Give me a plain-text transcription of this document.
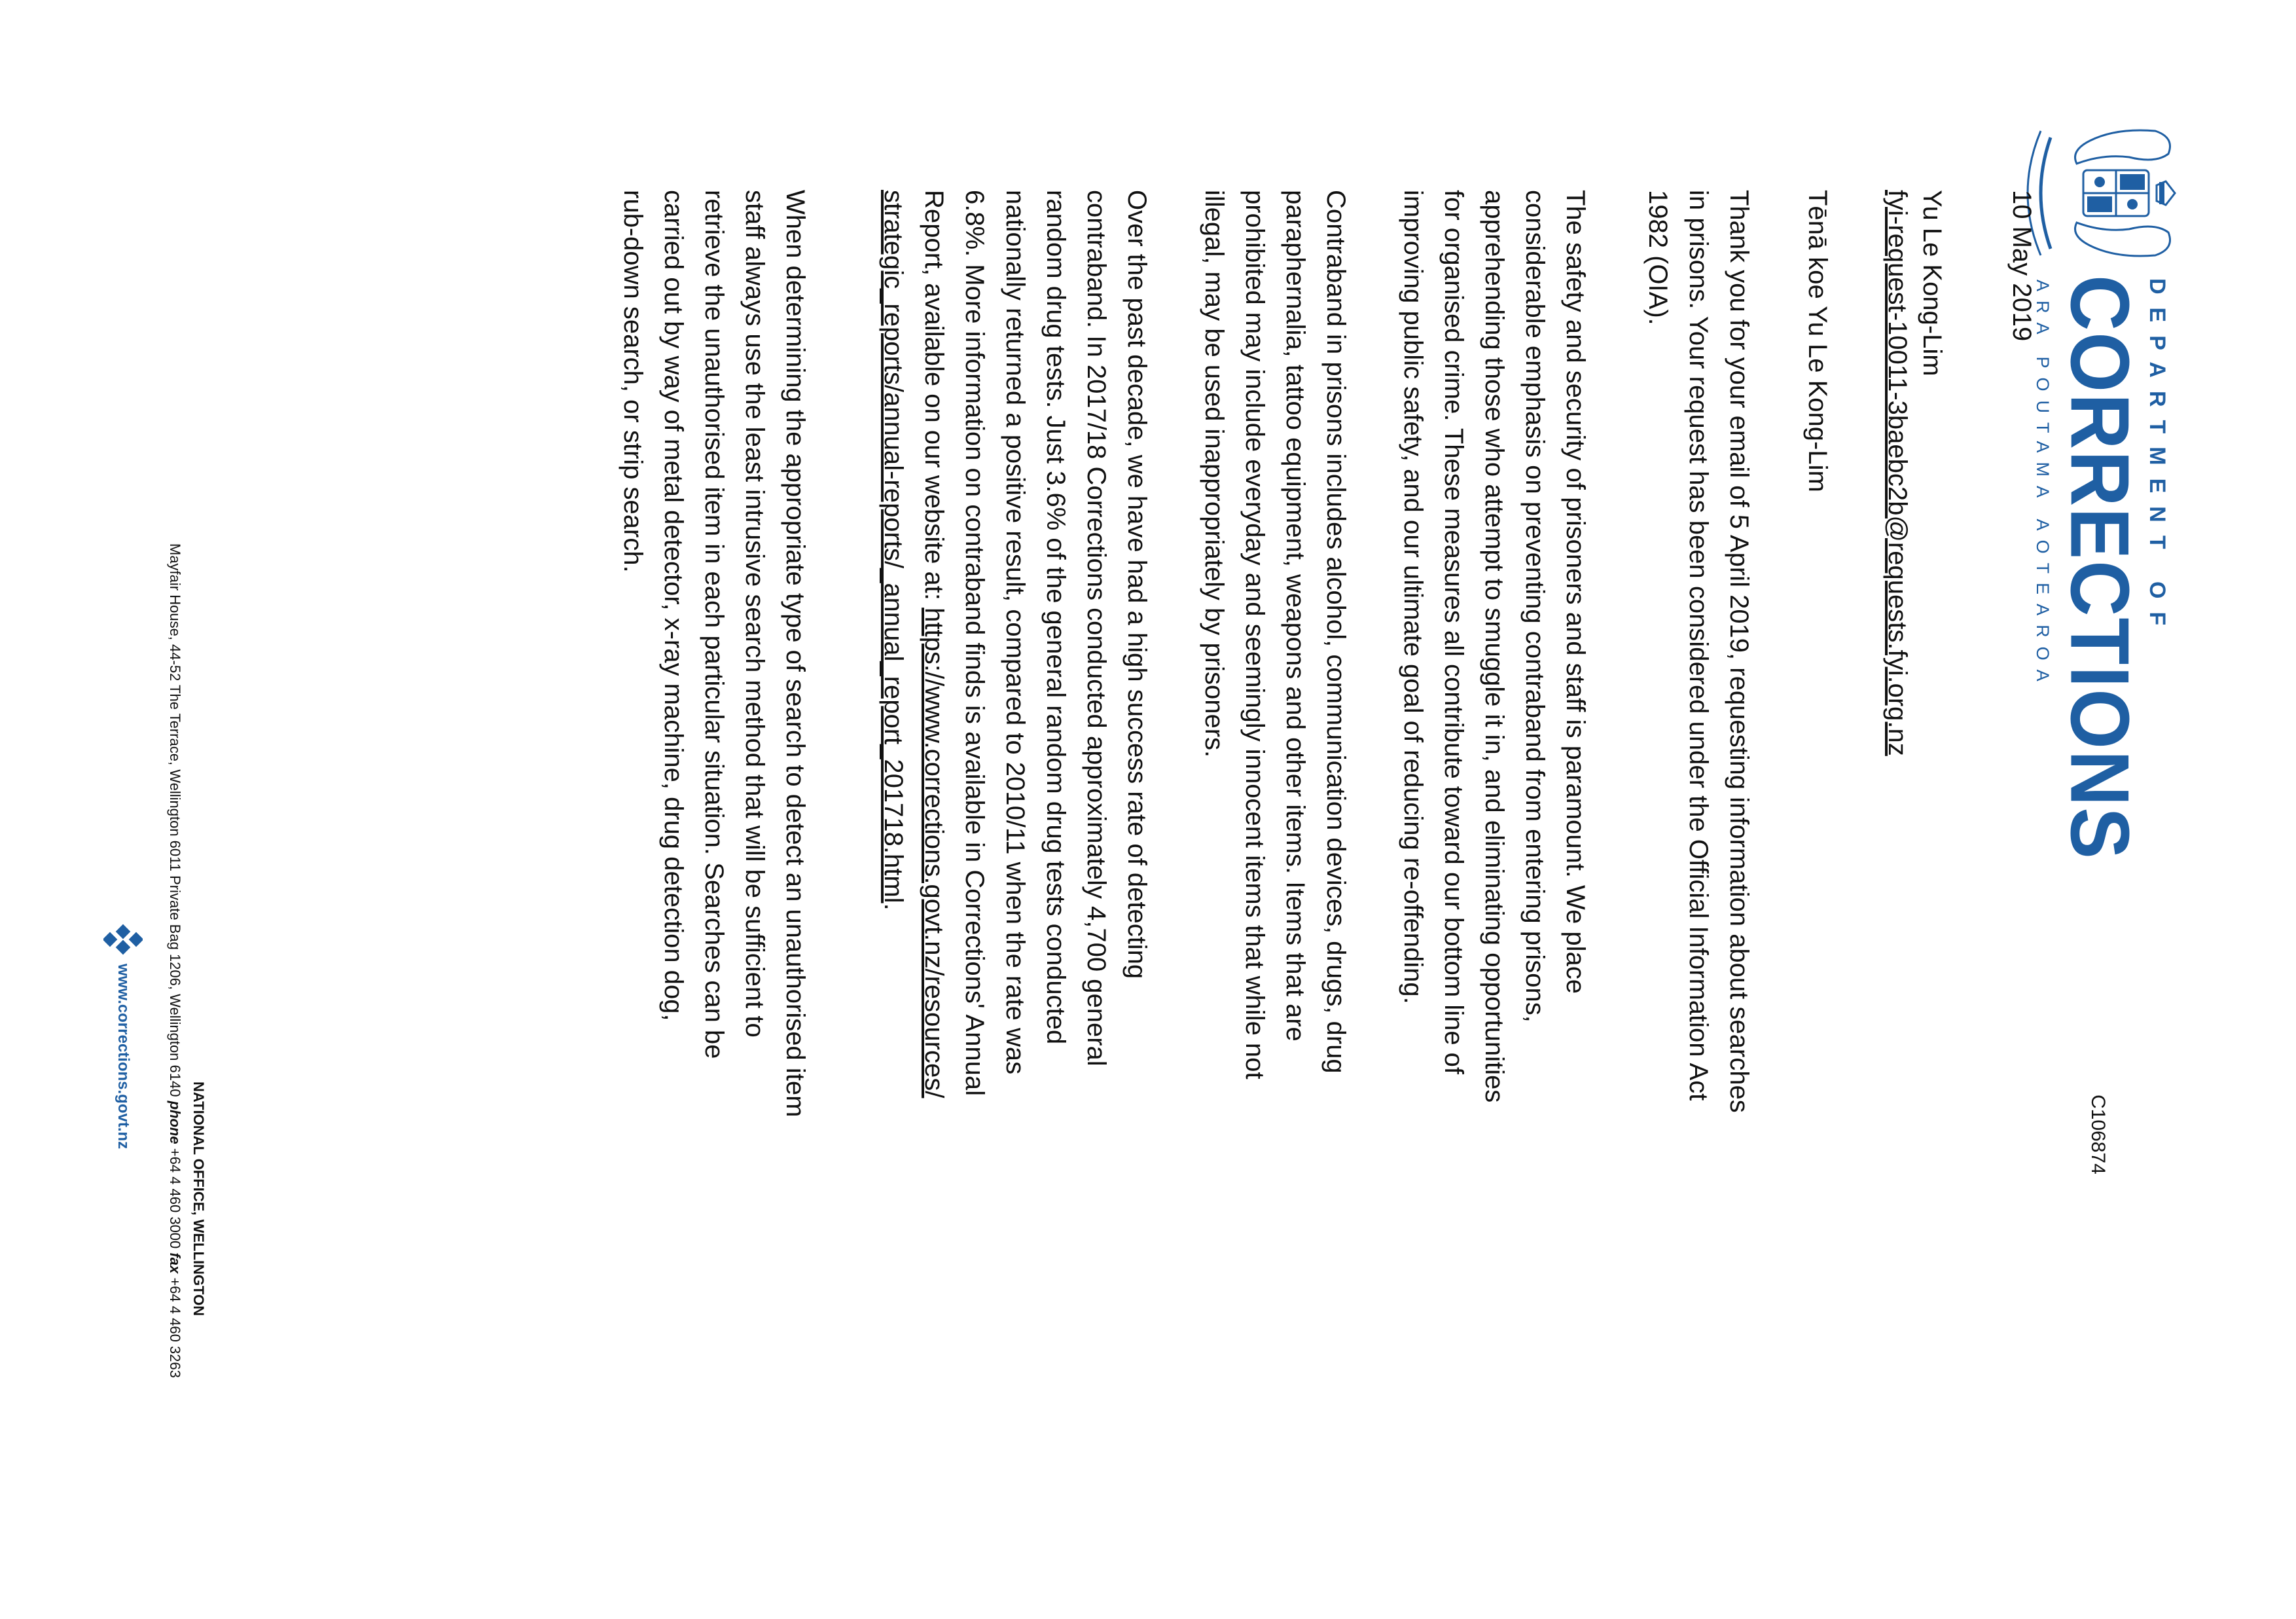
DEPARTMENT OF
CORRECTIONS
ARA POUTAMA AOTEAROA
C106874
10 May 2019
Yu Le Kong-Lim
fyi-request-10011-3baebc2b@requests.fyi.org.nz
Tēnā koe Yu Le Kong-Lim
Thank you for your email of 5 April 2019, requesting information about searches
in prisons. Your request has been considered under the Official Information Act
1982 (OIA).
The safety and security of prisoners and staff is paramount. We place
considerable emphasis on preventing contraband from entering prisons,
apprehending those who attempt to smuggle it in, and eliminating opportunities
for organised crime. These measures all contribute toward our bottom line of
improving public safety, and our ultimate goal of reducing re-offending.
Contraband in prisons includes alcohol, communication devices, drugs, drug
paraphernalia, tattoo equipment, weapons and other items. Items that are
prohibited may include everyday and seemingly innocent items that while not
illegal, may be used inappropriately by prisoners.
Over the past decade, we have had a high success rate of detecting
contraband. In 2017/18 Corrections conducted approximately 4,700 general
random drug tests. Just 3.6% of the general random drug tests conducted
nationally returned a positive result, compared to 2010/11 when the rate was
6.8%. More information on contraband finds is available in Corrections' Annual
Report, available on our website at: https://www.corrections.govt.nz/resources/
strategic_reports/annual-reports/_annual_report_201718.html.
When determining the appropriate type of search to detect an unauthorised item
staff always use the least intrusive search method that will be sufficient to
retrieve the unauthorised item in each particular situation. Searches can be
carried out by way of metal detector, x-ray machine, drug detection dog,
rub-down search, or strip search.
NATIONAL OFFICE, WELLINGTON
Mayfair House, 44-52 The Terrace, Wellington 6011 Private Bag 1206, Wellington 6140 phone +64 4 460 3000 fax +64 4 460 3263
www.corrections.govt.nz
